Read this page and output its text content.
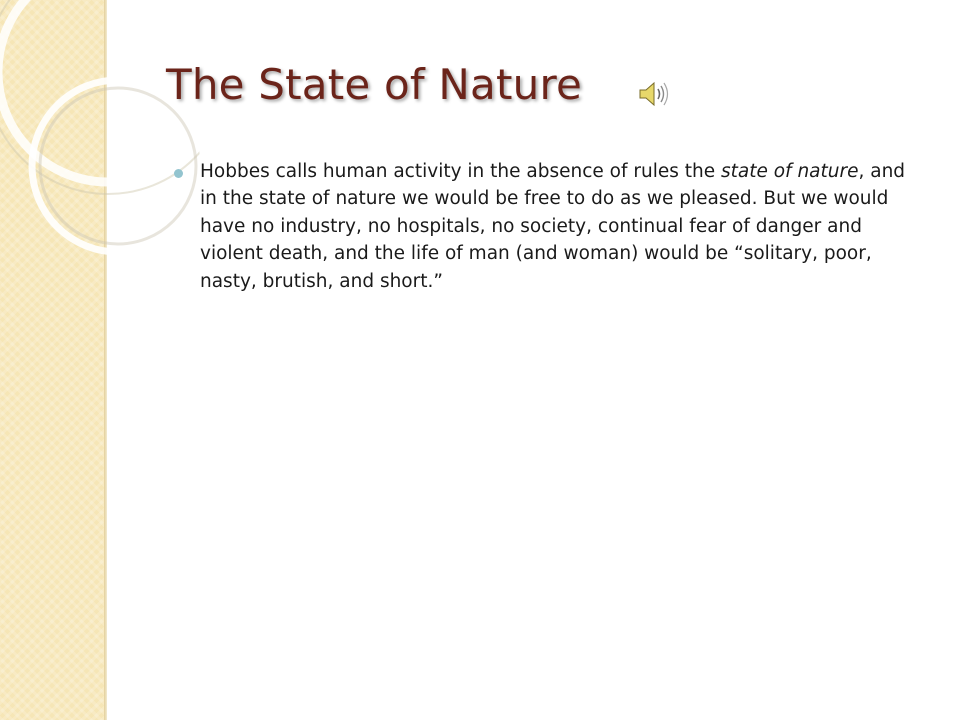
The State of Nature

Hobbes calls human activity in the absence of rules the state of nature, and in the state of nature we would be free to do as we pleased. But we would have no industry, no hospitals, no society, continual fear of danger and violent death, and the life of man (and woman) would be “solitary, poor, nasty, brutish, and short.”
